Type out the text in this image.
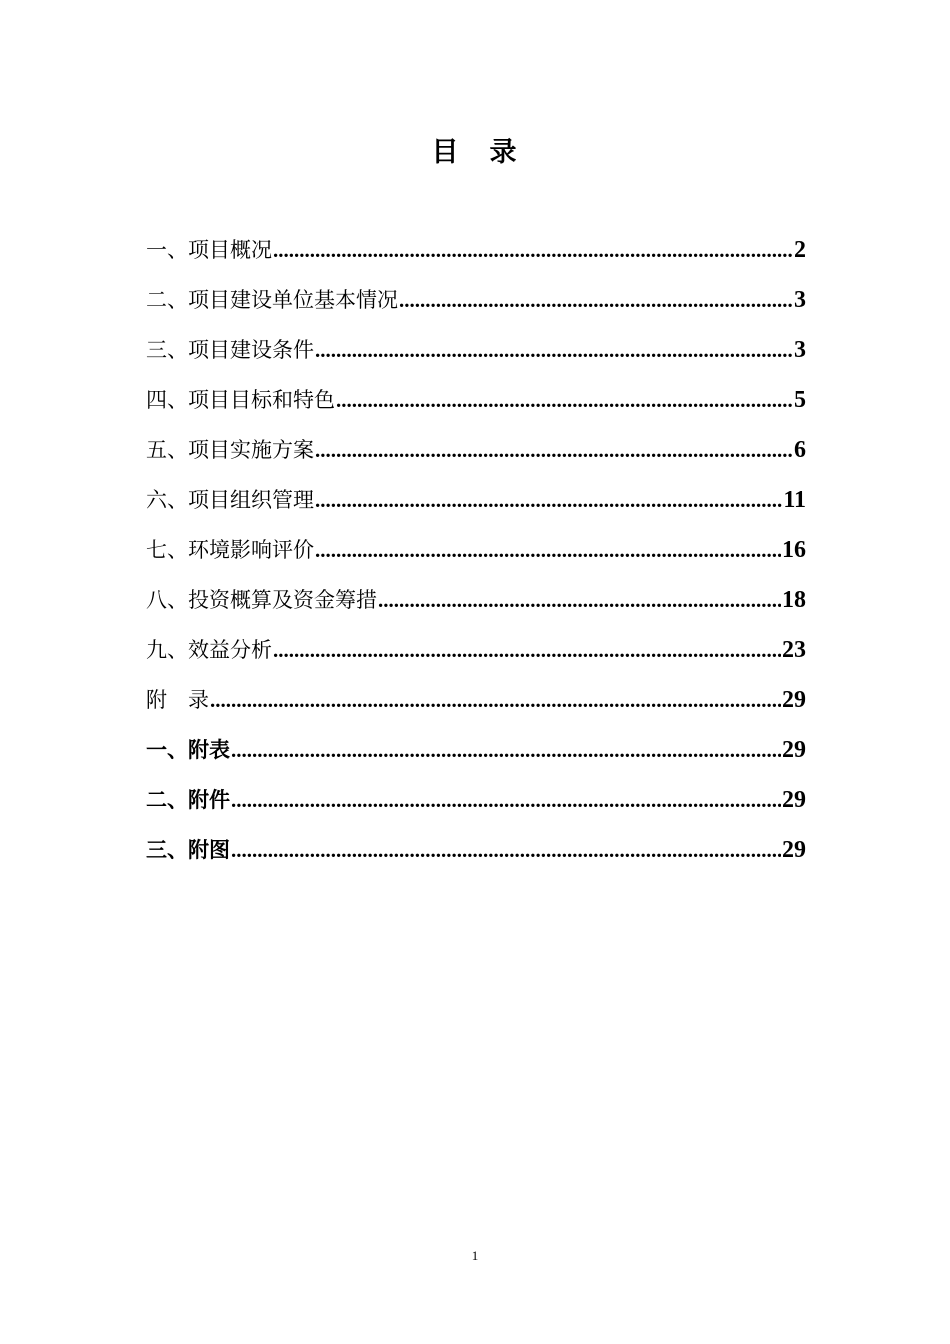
目　录
一、项目概况 .....	2
二、项目建设单位基本情况 .....	3
三、项目建设条件 .....	3
四、项目目标和特色 .....	5
五、项目实施方案 .....	6
六、项目组织管理 .....	11
七、环境影响评价 .....	16
八、投资概算及资金筹措 .....	18
九、效益分析 .....	23
附　录 .....	29
一、附表 .....	29
二、附件 .....	29
三、附图 .....	29
1
